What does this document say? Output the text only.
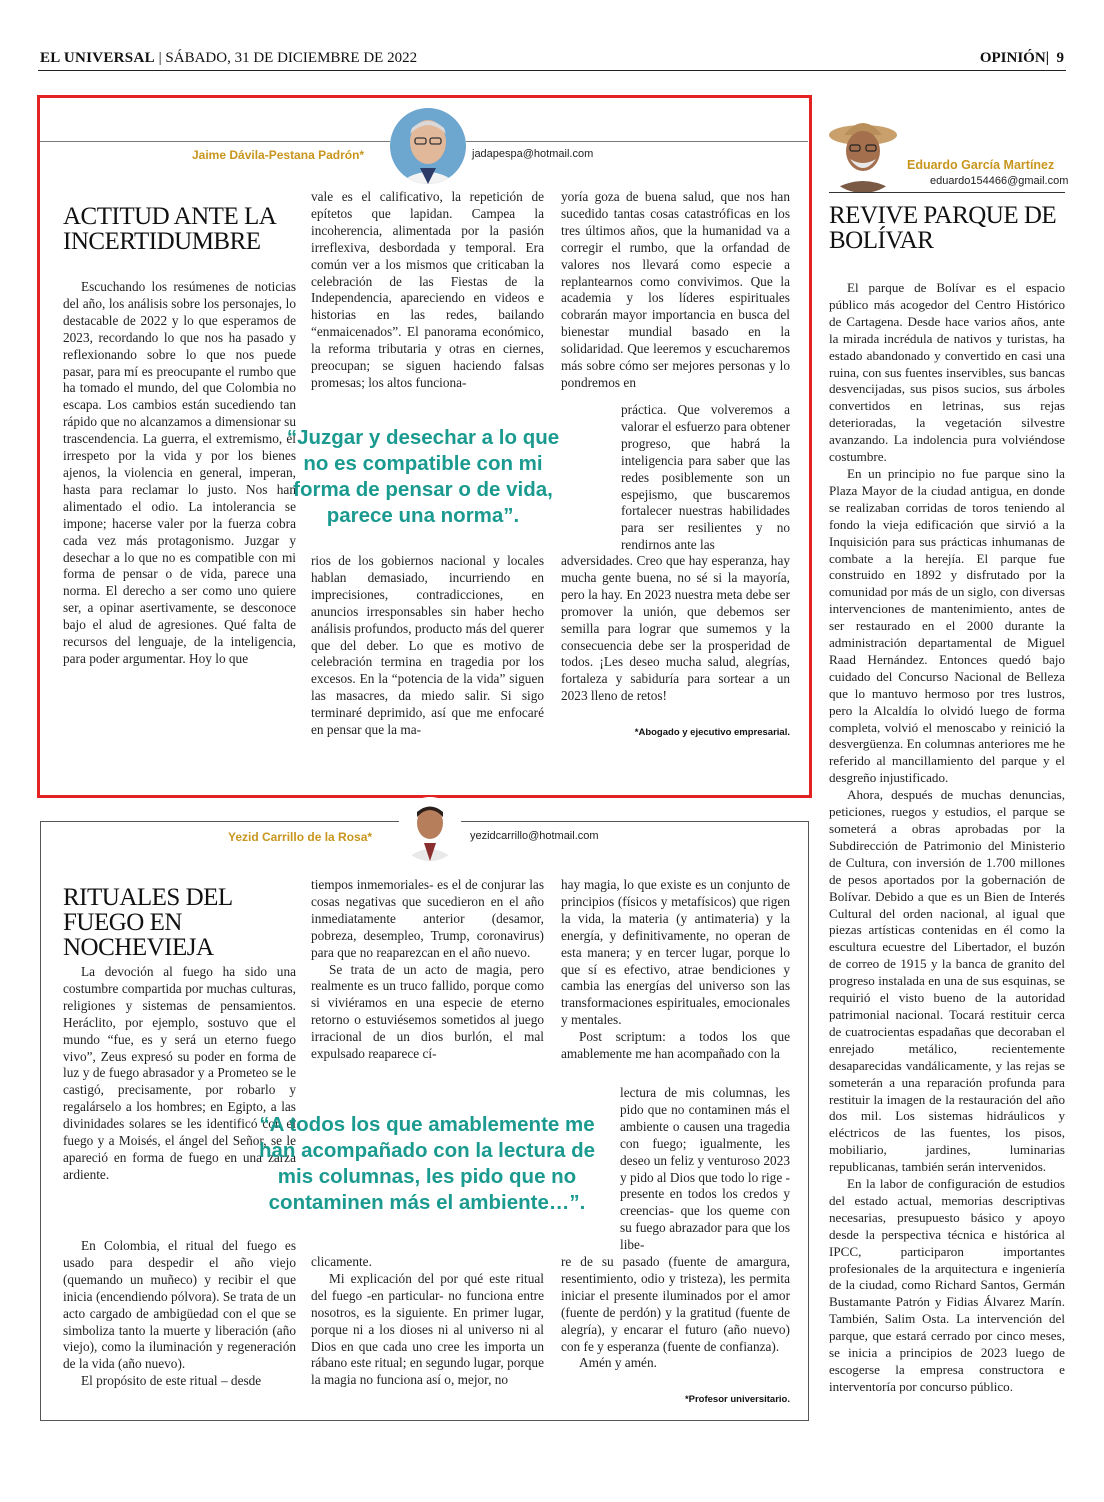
EL UNIVERSAL | SÁBADO, 31 DE DICIEMBRE DE 2022	OPINIÓN|  9
Jaime Dávila-Pestana Padrón*	jadapespa@hotmail.com
ACTITUD ANTE LA INCERTIDUMBRE

Escuchando los resúmenes de noticias del año, los análisis sobre los personajes, lo destacable de 2022 y lo que esperamos de 2023, recordando lo que nos ha pasado y reflexionando sobre lo que nos puede pasar, para mí es preocupante el rumbo que ha tomado el mundo, del que Colombia no escapa. Los cambios están sucediendo tan rápido que no alcanzamos a dimensionar su trascendencia. La guerra, el extremismo, el irrespeto por la vida y por los bienes ajenos, la violencia en general, imperan, hasta para reclamar lo justo. Nos han alimentado el odio. La intolerancia se impone; hacerse valer por la fuerza cobra cada vez más protagonismo. Juzgar y desechar a lo que no es compatible con mi forma de pensar o de vida, parece una norma. El derecho a ser como uno quiere ser, a opinar asertivamente, se desconoce bajo el alud de agresiones. Qué falta de recursos del lenguaje, de la inteligencia, para poder argumentar. Hoy lo que

vale es el calificativo, la repetición de epítetos que lapidan. Campea la incoherencia, alimentada por la pasión irreflexiva, desbordada y temporal. Era común ver a los mismos que criticaban la celebración de las Fiestas de la Independencia, apareciendo en videos e historias en las redes, bailando “enmaicenados”. El panorama económico, la reforma tributaria y otras en ciernes, preocupan; se siguen haciendo falsas promesas; los altos funciona-

rios de los gobiernos nacional y locales hablan demasiado, incurriendo en imprecisiones, contradicciones, en anuncios irresponsables sin haber hecho análisis profundos, producto más del querer que del deber. Lo que es motivo de celebración termina en tragedia por los excesos. En la “potencia de la vida” siguen las masacres, da miedo salir. Si sigo terminaré deprimido, así que me enfocaré en pensar que la ma-

yoría goza de buena salud, que nos han sucedido tantas cosas catastróficas en los tres últimos años, que la humanidad va a corregir el rumbo, que la orfandad de valores nos llevará como especie a replantearnos como convivimos. Que la academia y los líderes espirituales cobrarán mayor importancia en busca del bienestar mundial basado en la solidaridad. Que leeremos y escucharemos más sobre cómo ser mejores personas y lo pondremos en

práctica. Que volveremos a valorar el esfuerzo para obtener progreso, que habrá la inteligencia para saber que las redes posiblemente son un espejismo, que buscaremos fortalecer nuestras habilidades para ser resilientes y no rendirnos ante las

adversidades. Creo que hay esperanza, hay mucha gente buena, no sé si la mayoría, pero la hay. En 2023 nuestra meta debe ser promover la unión, que debemos ser semilla para lograr que sumemos y la consecuencia debe ser la prosperidad de todos. ¡Les deseo mucha salud, alegrías, fortaleza y sabiduría para sortear a un 2023 lleno de retos!

“Juzgar y desechar a lo que no es compatible con mi forma de pensar o de vida, parece una norma”.
*Abogado y ejecutivo empresarial.
Yezid Carrillo de la Rosa*	yezidcarrillo@hotmail.com
RITUALES DEL FUEGO EN NOCHEVIEJA

La devoción al fuego ha sido una costumbre compartida por muchas culturas, religiones y sistemas de pensamientos. Heráclito, por ejemplo, sostuvo que el mundo “fue, es y será un eterno fuego vivo”, Zeus expresó su poder en forma de luz y de fuego abrasador y a Prometeo se le castigó, precisamente, por robarlo y regalárselo a los hombres; en Egipto, a las divinidades solares se les identificó con el fuego y a Moisés, el ángel del Señor, se le apareció en forma de fuego en una zarza ardiente.

En Colombia, el ritual del fuego es usado para despedir el año viejo (quemando un muñeco) y recibir el que inicia (encendiendo pólvora). Se trata de un acto cargado de ambigüedad con el que se simboliza tanto la muerte y liberación (año viejo), como la iluminación y regeneración de la vida (año nuevo).

El propósito de este ritual – desde

tiempos inmemoriales- es el de conjurar las cosas negativas que sucedieron en el año inmediatamente anterior (desamor, pobreza, desempleo, Trump, coronavirus) para que no reaparezcan en el año nuevo.

Se trata de un acto de magia, pero realmente es un truco fallido, porque como si viviéramos en una especie de eterno retorno o estuviésemos sometidos al juego irracional de un dios burlón, el mal expulsado reaparece cí-

clicamente.

Mi explicación del por qué este ritual del fuego -en particular- no funciona entre nosotros, es la siguiente. En primer lugar, porque ni a los dioses ni al universo ni al Dios en que cada uno cree les importa un rábano este ritual; en segundo lugar, porque la magia no funciona así o, mejor, no

hay magia, lo que existe es un conjunto de principios (físicos y metafísicos) que rigen la vida, la materia (y antimateria) y la energía, y definitivamente, no operan de esta manera; y en tercer lugar, porque lo que sí es efectivo, atrae bendiciones y cambia las energías del universo son las transformaciones espirituales, emocionales y mentales.

Post scriptum: a todos los que amablemente me han acompañado con la

lectura de mis columnas, les pido que no contaminen más el ambiente o causen una tragedia con fuego; igualmente, les deseo un feliz y venturoso 2023 y pido al Dios que todo lo rige -presente en todos los credos y creencias- que los queme con su fuego abrazador para que los libe-

re de su pasado (fuente de amargura, resentimiento, odio y tristeza), les permita iniciar el presente iluminados por el amor (fuente de perdón) y la gratitud (fuente de alegría), y encarar el futuro (año nuevo) con fe y esperanza (fuente de confianza).

Amén y amén.

“A todos los que amablemente me han acompañado con la lectura de mis columnas, les pido que no contaminen más el ambiente…”.
*Profesor universitario.
Eduardo García Martínez
eduardo154466@gmail.com
REVIVE PARQUE DE BOLÍVAR

El parque de Bolívar es el espacio público más acogedor del Centro Histórico de Cartagena. Desde hace varios años, ante la mirada incrédula de nativos y turistas, ha estado abandonado y convertido en casi una ruina, con sus fuentes inservibles, sus bancas desvencijadas, sus pisos sucios, sus árboles convertidos en letrinas, sus rejas deterioradas, la vegetación silvestre avanzando. La indolencia pura volviéndose costumbre.

En un principio no fue parque sino la Plaza Mayor de la ciudad antigua, en donde se realizaban corridas de toros teniendo al fondo la vieja edificación que sirvió a la Inquisición para sus prácticas inhumanas de combate a la herejía. El parque fue construido en 1892 y disfrutado por la comunidad por más de un siglo, con diversas intervenciones de mantenimiento, antes de ser restaurado en el 2000 durante la administración departamental de Miguel Raad Hernández. Entonces quedó bajo cuidado del Concurso Nacional de Belleza que lo mantuvo hermoso por tres lustros, pero la Alcaldía lo olvidó luego de forma completa, volvió el menoscabo y reinició la desvergüenza. En columnas anteriores me he referido al mancillamiento del parque y el desgreño injustificado.

Ahora, después de muchas denuncias, peticiones, ruegos y estudios, el parque se someterá a obras aprobadas por la Subdirección de Patrimonio del Ministerio de Cultura, con inversión de 1.700 millones de pesos aportados por la gobernación de Bolívar. Debido a que es un Bien de Interés Cultural del orden nacional, al igual que piezas artísticas contenidas en él como la escultura ecuestre del Libertador, el buzón de correo de 1915 y la banca de granito del progreso instalada en una de sus esquinas, se requirió el visto bueno de la autoridad patrimonial nacional. Tocará restituir cerca de cuatrocientas espadañas que decoraban el enrejado metálico, recientemente desaparecidas vandálicamente, y las rejas se someterán a una reparación profunda para restituir la imagen de la restauración del año dos mil. Los sistemas hidráulicos y eléctricos de las fuentes, los pisos, mobiliario, jardines, luminarias republicanas, también serán intervenidos.

En la labor de configuración de estudios del estado actual, memorias descriptivas necesarias, presupuesto básico y apoyo desde la perspectiva técnica e histórica al IPCC, participaron importantes profesionales de la arquitectura e ingeniería de la ciudad, como Richard Santos, Germán Bustamante Patrón y Fidias Álvarez Marín. También, Salim Osta. La intervención del parque, que estará cerrado por cinco meses, se inicia a principios de 2023 luego de escogerse la empresa constructora e interventoría por concurso público.
